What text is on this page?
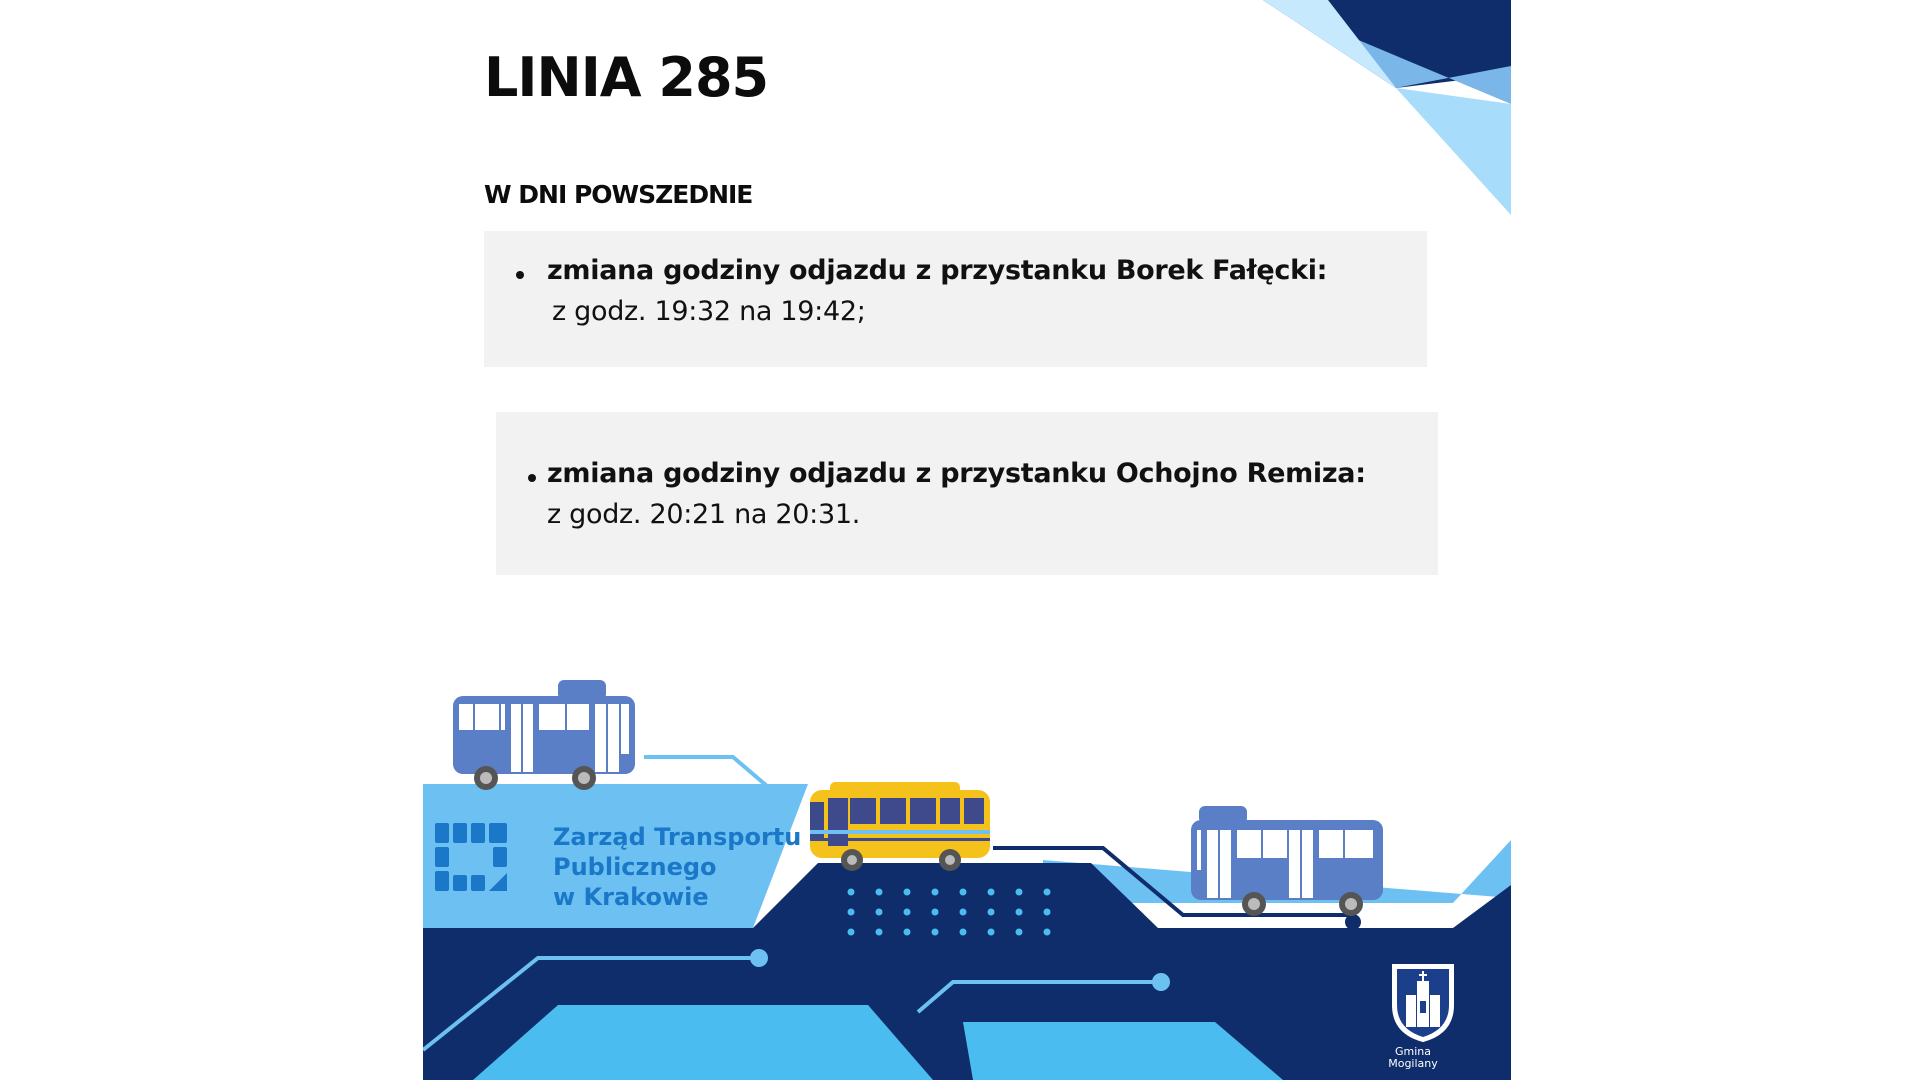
LINIA 285
W DNI POWSZEDNIE
zmiana godziny odjazdu z przystanku Borek Fałęcki:
z godz. 19:32 na 19:42;
zmiana godziny odjazdu z przystanku Ochojno Remiza:
z godz. 20:21 na 20:31.
Zarząd Transportu
Publicznego
w Krakowie
Gmina
Mogilany
